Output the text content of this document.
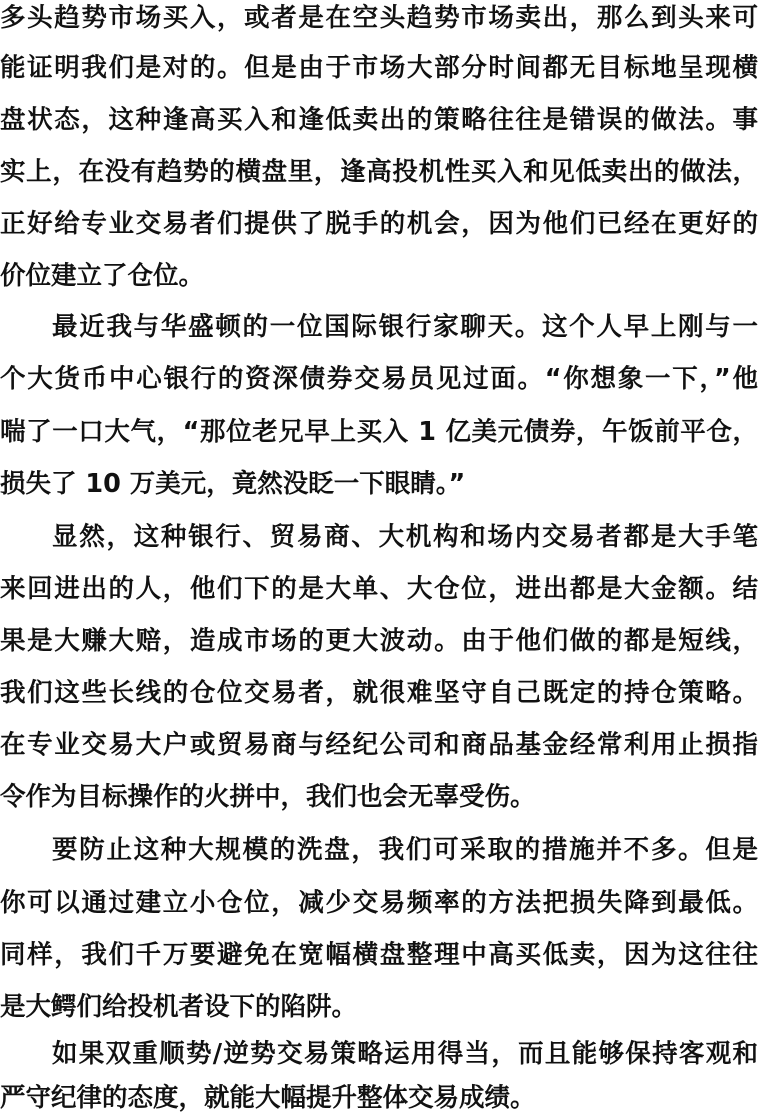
多头趋势市场买入，或者是在空头趋势市场卖出，那么到头来可
能证明我们是对的。但是由于市场大部分时间都无目标地呈现横
盘状态，这种逢高买入和逢低卖出的策略往往是错误的做法。事
实上，在没有趋势的横盘里，逢高投机性买入和见低卖出的做法，
正好给专业交易者们提供了脱手的机会，因为他们已经在更好的
价位建立了仓位。
最近我与华盛顿的一位国际银行家聊天。这个人早上刚与一
个大货币中心银行的资深债券交易员见过面。“你想象一下，”他
喘了一口大气，“那位老兄早上买入 1 亿美元债券，午饭前平仓，
损失了 10 万美元，竟然没眨一下眼睛。”
显然，这种银行、贸易商、大机构和场内交易者都是大手笔
来回进出的人，他们下的是大单、大仓位，进出都是大金额。结
果是大赚大赔，造成市场的更大波动。由于他们做的都是短线，
我们这些长线的仓位交易者，就很难坚守自己既定的持仓策略。
在专业交易大户或贸易商与经纪公司和商品基金经常利用止损指
令作为目标操作的火拼中，我们也会无辜受伤。
要防止这种大规模的洗盘，我们可采取的措施并不多。但是
你可以通过建立小仓位，减少交易频率的方法把损失降到最低。
同样，我们千万要避免在宽幅横盘整理中高买低卖，因为这往往
是大鳄们给投机者设下的陷阱。
如果双重顺势/逆势交易策略运用得当，而且能够保持客观和
严守纪律的态度，就能大幅提升整体交易成绩。
